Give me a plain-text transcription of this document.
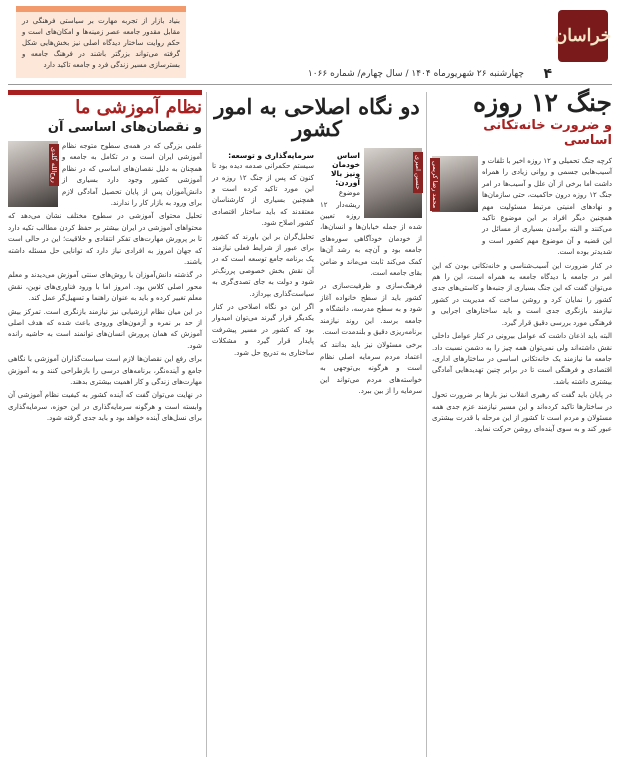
خراسان
۴
چهارشنبه ۲۶ شهریورماه ۱۴۰۴ / سال چهارم/ شماره ۱۰۶۶
بنیاد بازار از تجربه مهارت بر سیاستی فرهنگی در مقابل مقدور جامعه عصر زمینه‌ها و امکان‌های است و حکم روایت ساختار دیدگاه اصلی نیز بخش‌هایی شکل گرفته می‌تواند بزرگتر باشند در فرهنگ جامعه و بسترسازی مسیر زندگی فرد و جامعه تاکید دارد
جنگ ۱۲ روزه
و ضرورت خانه‌تکانی اساسی
محمد رضا کریمی	کرچه جنگ تحمیلی و ۱۲ روزه اخیر با تلفات و آسیب‌هایی جسمی و روانی زیادی را همراه داشت اما برخی از آن علل و آسیب‌ها در امر جنگ ۱۲ روزه درون حاکمیت، حتی سازمان‌ها و نهادهای امنیتی مرتبط مسئولیت مهم همچنین دیگر افراد بر این موضوع تاکید می‌کنند و البته برآمدن بسیاری از مسائل در این قضیه و آن موضوع مهم کشور است و شدیدتر بوده است.

در کنار ضرورت این آسیب‌شناسی و خانه‌تکانی بودن که این امر در جامعه با دیدگاه جامعه به همراه است، این را هم می‌توان گفت که این جنگ بسیاری از جنبه‌ها و کاستی‌های جدی کشور را نمایان کرد و روشن ساخت که مدیریت در کشور نیازمند بازنگری جدی است و باید ساختارهای اجرایی و فرهنگی مورد بررسی دقیق قرار گیرد.

البته باید اذعان داشت که عوامل بیرونی در کنار عوامل داخلی نقش داشته‌اند ولی نمی‌توان همه چیز را به دشمن نسبت داد. جامعه ما نیازمند یک خانه‌تکانی اساسی در ساختارهای اداری، اقتصادی و فرهنگی است تا در برابر چنین تهدیدهایی آمادگی بیشتری داشته باشد.

در پایان باید گفت که رهبری انقلاب نیز بارها بر ضرورت تحول در ساختارها تاکید کرده‌اند و این مسیر نیازمند عزم جدی همه مسئولان و مردم است تا کشور از این مرحله با قدرت بیشتری عبور کند و به سوی آینده‌ای روشن حرکت نماید.

دو نگاه اصلاحی به امور کشور
حسین امیری
اساس خودمان ونیز بالا آوردن:

موضوع ریشه‌دار ۱۲ روزه تعیین شده از جمله خیابان‌ها و انسان‌ها، از خودمان خودآگاهی سوره‌های جامعه بود و آن‌چه به رشد آن‌ها کمک می‌کند ثابت می‌ماند و ضامن بقای جامعه است.

فرهنگ‌سازی و ظرفیت‌سازی در کشور باید از سطح خانواده آغاز شود و به سطح مدرسه، دانشگاه و جامعه برسد. این روند نیازمند برنامه‌ریزی دقیق و بلندمدت است.

برخی مسئولان نیز باید بدانند که اعتماد مردم سرمایه اصلی نظام است و هرگونه بی‌توجهی به خواسته‌های مردم می‌تواند این سرمایه را از بین ببرد.

سرمایه‌گذاری و توسعه:

سیستم حکمرانی صدمه دیده بود تا کنون که پس از جنگ ۱۲ روزه در این مورد تاکید کرده است و همچنین بسیاری از کارشناسان معتقدند که باید ساختار اقتصادی کشور اصلاح شود.

تحلیل‌گران بر این باورند که کشور برای عبور از شرایط فعلی نیازمند یک برنامه جامع توسعه است که در آن نقش بخش خصوصی پررنگ‌تر شود و دولت به جای تصدی‌گری به سیاست‌گذاری بپردازد.

اگر این دو نگاه اصلاحی در کنار یکدیگر قرار گیرند می‌توان امیدوار بود که کشور در مسیر پیشرفت پایدار قرار گیرد و مشکلات ساختاری به تدریج حل شود.

نظام آموزشی ما
و نقصان‌های اساسی آن

علمی بزرگی که در همه‌ی سطوح متوجه نظام آموزشی ایران است و در تکامل به جامعه و همچنان به دلیل نقصان‌های اساسی که در نظام آموزشی کشور وجود دارد بسیاری از دانش‌آموزان پس از پایان تحصیل آمادگی لازم برای ورود به بازار کار را ندارند.

روح‌الله گلدی

تحلیل محتوای آموزشی در سطوح مختلف نشان می‌دهد که محتواهای آموزشی در ایران بیشتر بر حفظ کردن مطالب تکیه دارد تا بر پرورش مهارت‌های تفکر انتقادی و خلاقیت؛ این در حالی است که جهان امروز به افرادی نیاز دارد که توانایی حل مسئله داشته باشند.

در گذشته دانش‌آموزان با روش‌های سنتی آموزش می‌دیدند و معلم محور اصلی کلاس بود. امروز اما با ورود فناوری‌های نوین، نقش معلم تغییر کرده و باید به عنوان راهنما و تسهیل‌گر عمل کند.

در این میان نظام ارزشیابی نیز نیازمند بازنگری است. تمرکز بیش از حد بر نمره و آزمون‌های ورودی باعث شده که هدف اصلی آموزش که همان پرورش انسان‌های توانمند است به حاشیه رانده شود.

برای رفع این نقصان‌ها لازم است سیاست‌گذاران آموزشی با نگاهی جامع و آینده‌نگر، برنامه‌های درسی را بازطراحی کنند و به آموزش مهارت‌های زندگی و کار اهمیت بیشتری بدهند.

در نهایت می‌توان گفت که آینده کشور به کیفیت نظام آموزشی آن وابسته است و هرگونه سرمایه‌گذاری در این حوزه، سرمایه‌گذاری برای نسل‌های آینده خواهد بود و باید جدی گرفته شود.
